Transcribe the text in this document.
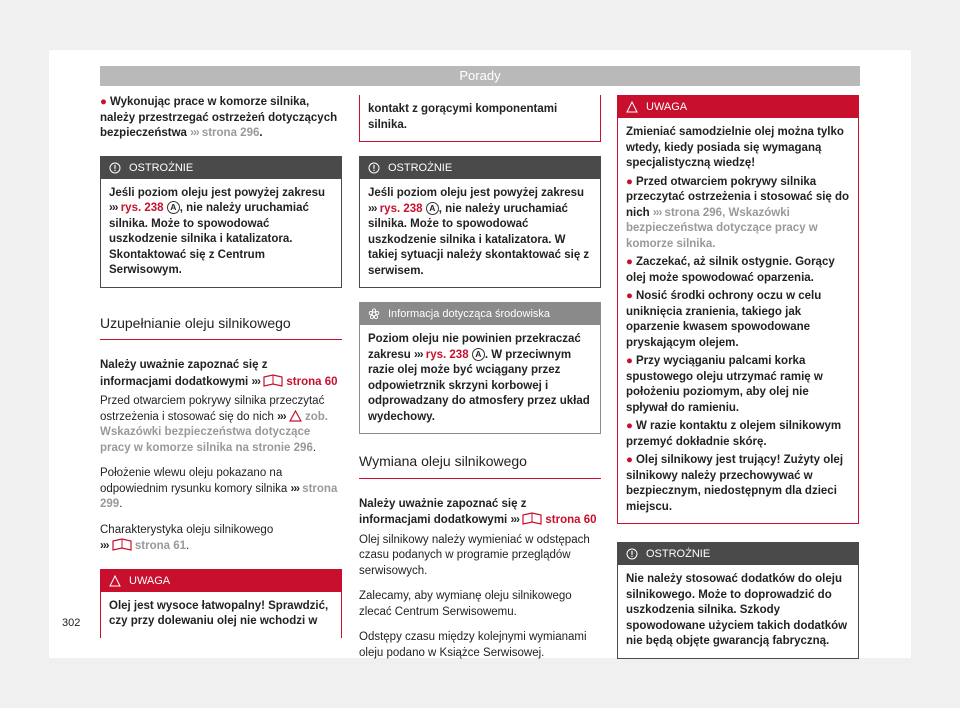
Porady
● Wykonując prace w komorze silnika, należy przestrzegać ostrzeżeń dotyczących bezpieczeństwa ››› strona 296.
OSTROŻNIE
Jeśli poziom oleju jest powyżej zakresu ››› rys. 238 A , nie należy uruchamiać silnika. Może to spowodować uszkodzenie silnika i katalizatora. Skontaktować się z Centrum Serwisowym.
Uzupełnianie oleju silnikowego
Należy uważnie zapoznać się z informacjami dodatkowymi ››› strona 60
Przed otwarciem pokrywy silnika przeczytać ostrzeżenia i stosować się do nich ››› zob. Wskazówki bezpieczeństwa dotyczące pracy w komorze silnika na stronie 296.
Położenie wlewu oleju pokazano na odpowiednim rysunku komory silnika ››› strona 299.
Charakterystyka oleju silnikowego
››› strona 61.
UWAGA
Olej jest wysoce łatwopalny! Sprawdzić, czy przy dolewaniu olej nie wchodzi w
kontakt z gorącymi komponentami silnika.
OSTROŻNIE
Jeśli poziom oleju jest powyżej zakresu ››› rys. 238 A , nie należy uruchamiać silnika. Może to spowodować uszkodzenie silnika i katalizatora. W takiej sytuacji należy skontaktować się z serwisem.
Informacja dotycząca środowiska
Poziom oleju nie powinien przekraczać zakresu ››› rys. 238 A . W przeciwnym razie olej może być wciągany przez odpowietrznik skrzyni korbowej i odprowadzany do atmosfery przez układ wydechowy.
Wymiana oleju silnikowego
Należy uważnie zapoznać się z informacjami dodatkowymi ››› strona 60
Olej silnikowy należy wymieniać w odstępach czasu podanych w programie przeglądów serwisowych.
Zalecamy, aby wymianę oleju silnikowego zlecać Centrum Serwisowemu.
Odstępy czasu między kolejnymi wymianami oleju podano w Książce Serwisowej.
UWAGA
Zmieniać samodzielnie olej można tylko wtedy, kiedy posiada się wymaganą specjalistyczną wiedzę!
● Przed otwarciem pokrywy silnika przeczytać ostrzeżenia i stosować się do nich ››› strona 296, Wskazówki bezpieczeństwa dotyczące pracy w komorze silnika.
● Zaczekać, aż silnik ostygnie. Gorący olej może spowodować oparzenia.
● Nosić środki ochrony oczu w celu uniknięcia zranienia, takiego jak oparzenie kwasem spowodowane pryskającym olejem.
● Przy wyciąganiu palcami korka spustowego oleju utrzymać ramię w położeniu poziomym, aby olej nie spływał do ramieniu.
● W razie kontaktu z olejem silnikowym przemyć dokładnie skórę.
● Olej silnikowy jest trujący! Zużyty olej silnikowy należy przechowywać w bezpiecznym, niedostępnym dla dzieci miejscu.
OSTROŻNIE
Nie należy stosować dodatków do oleju silnikowego. Może to doprowadzić do uszkodzenia silnika. Szkody spowodowane użyciem takich dodatków nie będą objęte gwarancją fabryczną.
302
